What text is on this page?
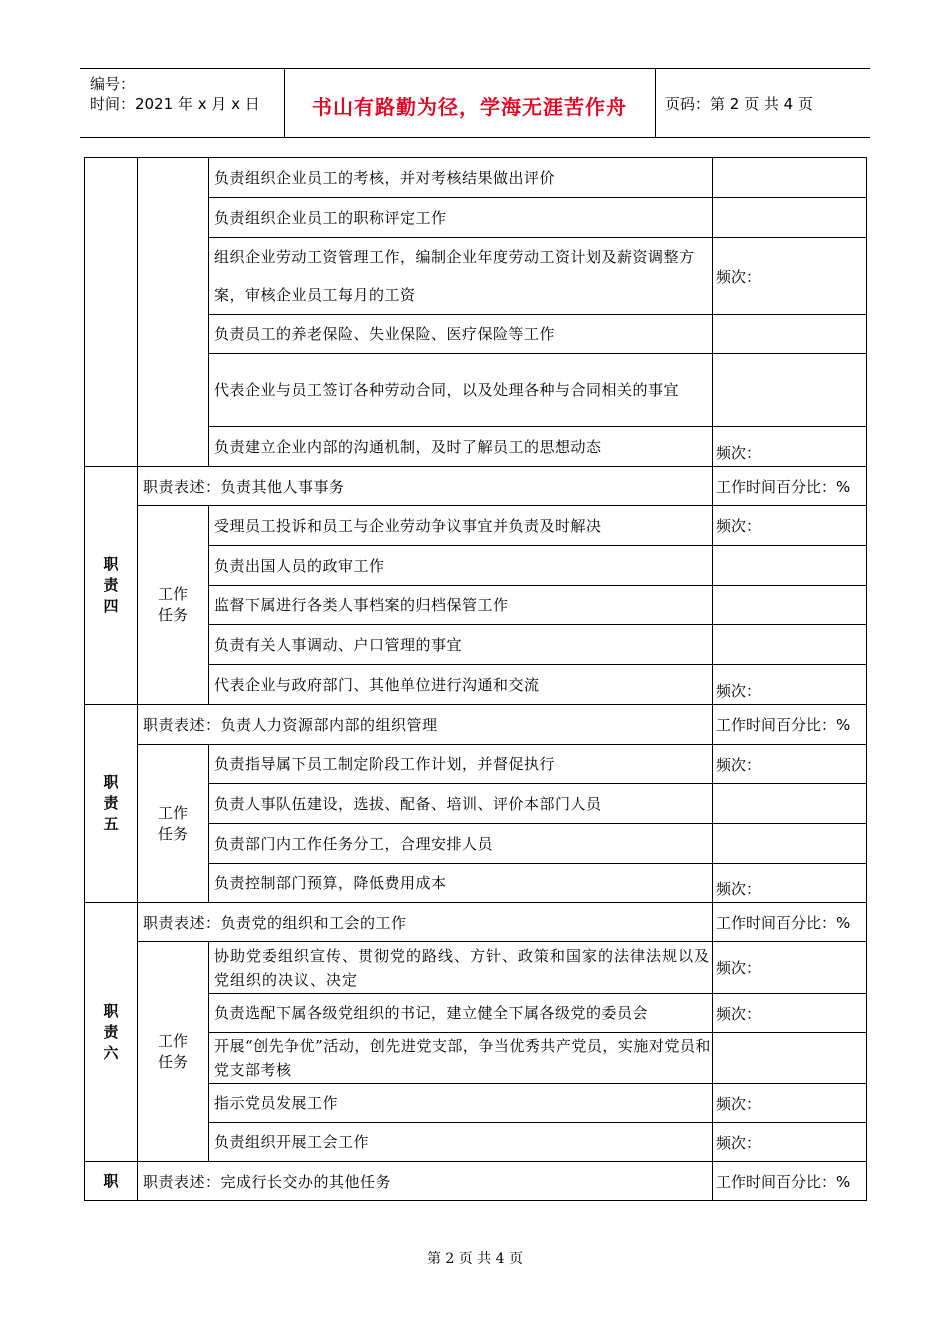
编号：
时间：2021 年 x 月 x 日	书山有路勤为径，学海无涯苦作舟	页码：第 2 页 共 4 页
		负责组织企业员工的考核，并对考核结果做出评价	
		负责组织企业员工的职称评定工作	
		组织企业劳动工资管理工作，编制企业年度劳动工资计划及薪资调整方案，审核企业员工每月的工资	频次：
		负责员工的养老保险、失业保险、医疗保险等工作	
		代表企业与员工签订各种劳动合同，以及处理各种与合同相关的事宜	
		负责建立企业内部的沟通机制，及时了解员工的思想动态	频次：
职责四	职责表述：负责其他人事事务		工作时间百分比：%
	工作任务	受理员工投诉和员工与企业劳动争议事宜并负责及时解决	频次：
		负责出国人员的政审工作	
		监督下属进行各类人事档案的归档保管工作	
		负责有关人事调动、户口管理的事宜	
		代表企业与政府部门、其他单位进行沟通和交流	频次：
职责五	职责表述：负责人力资源部内部的组织管理		工作时间百分比：%
	工作任务	负责指导属下员工制定阶段工作计划，并督促执行	频次：
		负责人事队伍建设，选拔、配备、培训、评价本部门人员	
		负责部门内工作任务分工，合理安排人员	
		负责控制部门预算，降低费用成本	频次：
职责六	职责表述：负责党的组织和工会的工作		工作时间百分比：%
	工作任务	协助党委组织宣传、贯彻党的路线、方针、政策和国家的法律法规以及党组织的决议、决定	频次：
		负责选配下属各级党组织的书记，建立健全下属各级党的委员会	频次：
		开展“创先争优”活动，创先进党支部，争当优秀共产党员，实施对党员和党支部考核	
		指示党员发展工作	频次：
		负责组织开展工会工作	频次：
职	职责表述：完成行长交办的其他任务		工作时间百分比：%
第 2 页 共 4 页
